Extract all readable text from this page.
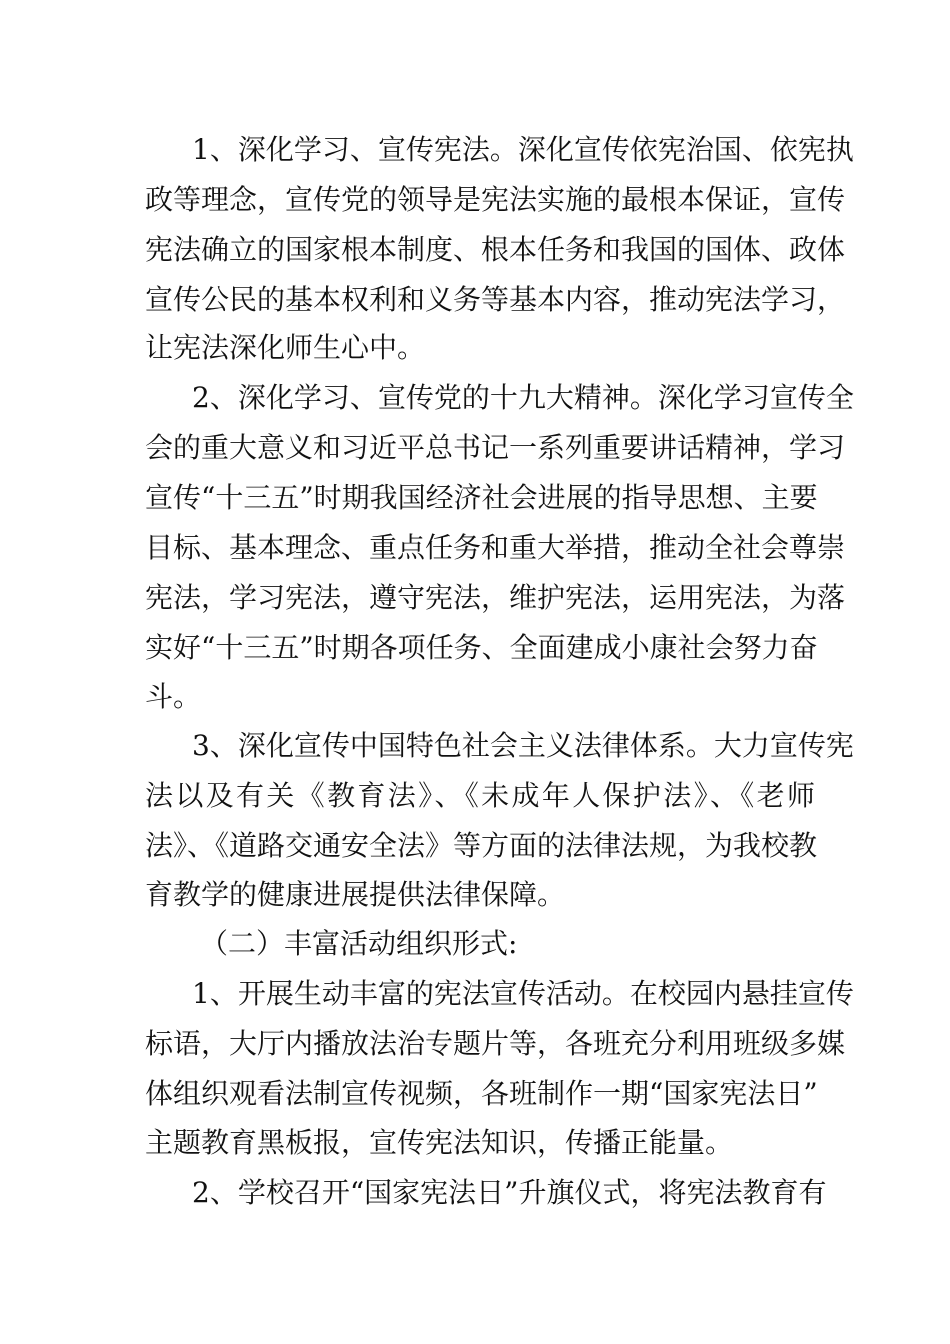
1、深化学习、宣传宪法。深化宣传依宪治国、依宪执
政等理念，宣传党的领导是宪法实施的最根本保证，宣传
宪法确立的国家根本制度、根本任务和我国的国体、政体
宣传公民的基本权利和义务等基本内容，推动宪法学习，
让宪法深化师生心中。
2、深化学习、宣传党的十九大精神。深化学习宣传全
会的重大意义和习近平总书记一系列重要讲话精神，学习
宣传“十三五”时期我国经济社会进展的指导思想、主要
目标、基本理念、重点任务和重大举措，推动全社会尊崇
宪法，学习宪法，遵守宪法，维护宪法，运用宪法，为落
实好“十三五”时期各项任务、全面建成小康社会努力奋
斗。
3、深化宣传中国特色社会主义法律体系。大力宣传宪
法以及有关《教育法》、《未成年人保护法》、《老师
法》、《道路交通安全法》等方面的法律法规，为我校教
育教学的健康进展提供法律保障。
（二）丰富活动组织形式:
1、开展生动丰富的宪法宣传活动。在校园内悬挂宣传
标语，大厅内播放法治专题片等，各班充分利用班级多媒
体组织观看法制宣传视频，各班制作一期“国家宪法日”
主题教育黑板报，宣传宪法知识，传播正能量。
2、学校召开“国家宪法日”升旗仪式，将宪法教育有
